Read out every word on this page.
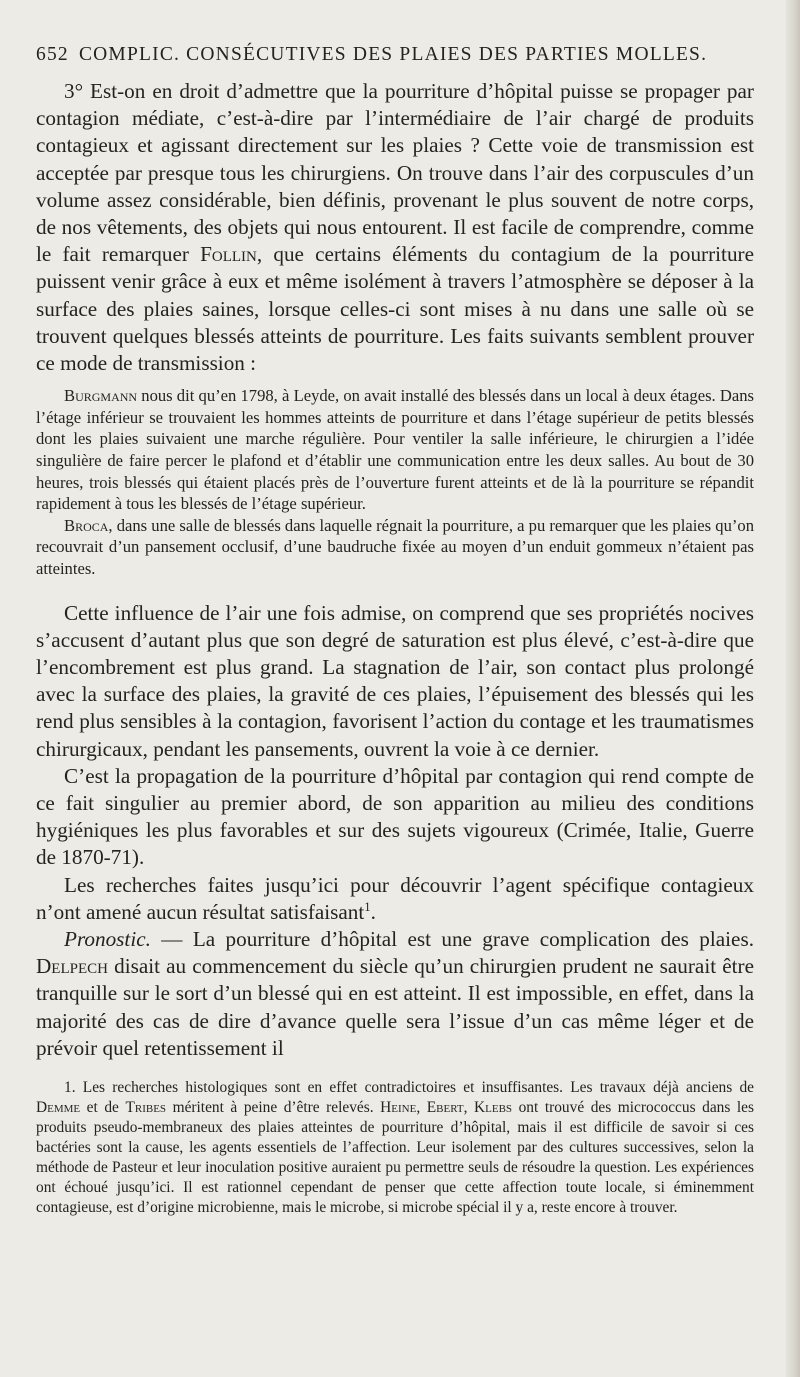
652 COMPLIC. CONSÉCUTIVES DES PLAIES DES PARTIES MOLLES.

3° Est-on en droit d’admettre que la pourriture d’hôpital puisse se propager par contagion médiate, c’est-à-dire par l’intermédiaire de l’air chargé de produits contagieux et agissant directement sur les plaies ? Cette voie de transmission est acceptée par presque tous les chirurgiens. On trouve dans l’air des corpuscules d’un volume assez considérable, bien définis, provenant le plus souvent de notre corps, de nos vêtements, des objets qui nous entourent. Il est facile de comprendre, comme le fait remarquer Follin, que certains éléments du contagium de la pourriture puissent venir grâce à eux et même isolément à travers l’atmosphère se déposer à la surface des plaies saines, lorsque celles-ci sont mises à nu dans une salle où se trouvent quelques blessés atteints de pourriture. Les faits suivants semblent prouver ce mode de transmission :

Burgmann nous dit qu’en 1798, à Leyde, on avait installé des blessés dans un local à deux étages. Dans l’étage inférieur se trouvaient les hommes atteints de pourriture et dans l’étage supérieur de petits blessés dont les plaies suivaient une marche régulière. Pour ventiler la salle inférieure, le chirurgien a l’idée singulière de faire percer le plafond et d’établir une communication entre les deux salles. Au bout de 30 heures, trois blessés qui étaient placés près de l’ouverture furent atteints et de là la pourriture se répandit rapidement à tous les blessés de l’étage supérieur.

Broca, dans une salle de blessés dans laquelle régnait la pourriture, a pu remarquer que les plaies qu’on recouvrait d’un pansement occlusif, d’une baudruche fixée au moyen d’un enduit gommeux n’étaient pas atteintes.

Cette influence de l’air une fois admise, on comprend que ses propriétés nocives s’accusent d’autant plus que son degré de saturation est plus élevé, c’est-à-dire que l’encombrement est plus grand. La stagnation de l’air, son contact plus prolongé avec la surface des plaies, la gravité de ces plaies, l’épuisement des blessés qui les rend plus sensibles à la contagion, favorisent l’action du contage et les traumatismes chirurgicaux, pendant les pansements, ouvrent la voie à ce dernier.

C’est la propagation de la pourriture d’hôpital par contagion qui rend compte de ce fait singulier au premier abord, de son apparition au milieu des conditions hygiéniques les plus favorables et sur des sujets vigoureux (Crimée, Italie, Guerre de 1870-71).

Les recherches faites jusqu’ici pour découvrir l’agent spécifique contagieux n’ont amené aucun résultat satisfaisant$^1$.

Pronostic. — La pourriture d’hôpital est une grave complication des plaies. Delpech disait au commencement du siècle qu’un chirurgien prudent ne saurait être tranquille sur le sort d’un blessé qui en est atteint. Il est impossible, en effet, dans la majorité des cas de dire d’avance quelle sera l’issue d’un cas même léger et de prévoir quel retentissement il

1. Les recherches histologiques sont en effet contradictoires et insuffisantes. Les travaux déjà anciens de Demme et de Tribes méritent à peine d’être relevés. Heine, Ebert, Klebs ont trouvé des micrococcus dans les produits pseudo-membraneux des plaies atteintes de pourriture d’hôpital, mais il est difficile de savoir si ces bactéries sont la cause, les agents essentiels de l’affection. Leur isolement par des cultures successives, selon la méthode de Pasteur et leur inoculation positive auraient pu permettre seuls de résoudre la question. Les expériences ont échoué jusqu’ici. Il est rationnel cependant de penser que cette affection toute locale, si éminemment contagieuse, est d’origine microbienne, mais le microbe, si microbe spécial il y a, reste encore à trouver.
